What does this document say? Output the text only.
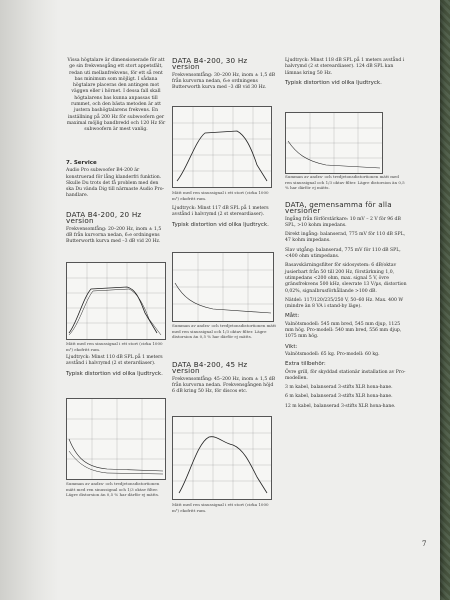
Vissa högtalare är dimensionerade för att ge sin frekvensgång ett stort appetsfält, redan uti mellanfrekvens, för ett så rent bas minimum som möjligt. I sådana högtalare placeras den antingen mot väggen eller i hörnet. I dessa fall skall högtalarens bas kunna anpassas till rummet, och den bästa metoden är att justera bashögtalarens frekvens. En inställning på 200 Hz för subwoofern ger maximal möjlig bandbredd och 120 Hz för subwoofern är mest vanlig.

7. Service

Audio Pro subwoofer B4-200 är konstruerad för lång klanderfri funktion. Skulle Du trots det få problem med den ska Du vända Dig till närmaste Audio Pro-handlare.

DATA B4-200, 20 Hz version

Frekvensomfång: 20–200 Hz, inom ± 1,5 dB från kurvorna nedan, 6:e ordningens Butterworth kurva med –3 dB vid 20 Hz.

Mätt med ren sinussignal i ett stort (cirka 1000 m³) ekofritt rum.

Ljudtryck: Minst 110 dB SPL på 1 meters avstånd i halvrymd (2 st sterardiaser).

Typisk distortion vid olika ljudtryck.
Summan av andra- och tredjetonsdistortionen mätt med ren sinussignal och 1/3 oktav filter. Lägre distorsion än 0,5 % har därför ej mätts.
DATA B4-200, 30 Hz version

Frekvensomfång: 30–200 Hz, inom ± 1,5 dB från kurvorna nedan, 6:e ordningens Butterworth kurva med –3 dB vid 30 Hz.

Mätt med ren sinussignal i ett stort (cirka 1000 m³) ekofritt rum.

Ljudtryck: Minst 117 dB SPL på 1 meters avstånd i halvrymd (2 st stereardiaser).

Typisk distortion vid olika ljudtryck.
Summan av andra- och tredjetonsdistortionen mätt med ren sinussignal och 1/3 oktav filter. Lägre distorsion än 0,5 % har därför ej mätts.
DATA B4-200, 45 Hz version

Frekvensomfång: 45–200 Hz, inom ± 1,5 dB från kurvorna nedan. Frekvensgången höjd 6 dB kring 50 Hz, för discos etc.

Mätt med ren sinussignal i ett stort (cirka 1000 m³) ekofritt rum.

Ljudtryck: Minst 118 dB SPL på 1 meters avstånd i halvrymd (2 st stereardiaser). 124 dB SPL kan lämnas kring 50 Hz.

Typisk distortion vid olika ljudtryck.
Summan av andra- och tredjetonsdistortionen mätt med ren sinussignal och 1/3 oktav filter. Lägre distorsion än 0,5 % har därför ej mätts.
DATA, gemensamma för alla versioner

Ingång från förförstärkare: 10 mV – 2 V för 96 dB SPL, >10 kohm impedans.

Direkt ingång: balanserad, 775 mV för 110 dB SPL, 47 kohm impedans.

Slav utgång: balanserad, 775 mV för 110 dB SPL, <400 ohm utimpedans.

Basavskärningsfilter för sidosystem: 6 dB/oktav jusierbart från 50 till 200 Hz, förstärkning 1,0, utimpedans <200 ohm, max. signal 5 V, övre gränsfrekvens 500 kHz, slewrate 13 V/µs, distortion 0,02%, signalbrusförhållande >100 dB.

Nätdel: 117/120/235/250 V, 50–60 Hz. Max. 400 W (mindre än 8 VA i stand-by läge).

Mått:

Valnötsmodell: 545 mm bred, 545 mm djup, 1125 mm hög. Pro-modell: 540 mm bred, 556 mm djup, 1075 mm hög.

Vikt:

Valnötsmodell: 65 kg. Pro-modell: 60 kg.

Extra tillbehör:

Övre grill, för skyddad stationär installation av Pro-modellen.

3 m kabel, balanserad 3-stifts XLR hona-hane.

6 m kabel, balanserad 3-stifts XLR hona-hane.

12 m kabel, balanserad 3-stifts XLR hona-hane.

7
